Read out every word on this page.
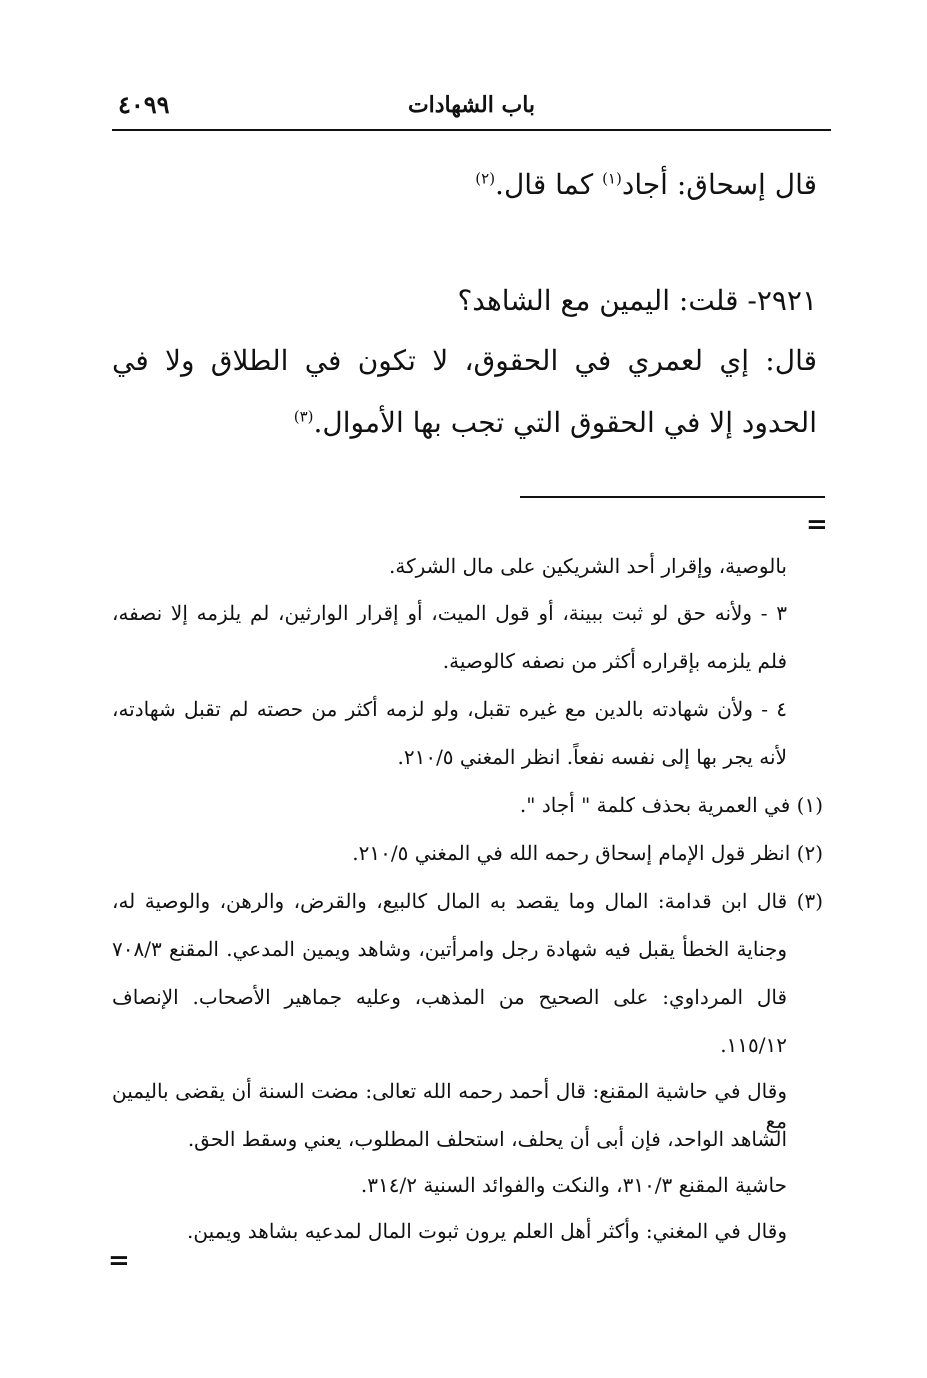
باب الشهادات
٤٠٩٩
قال إسحاق: أجاد$^{(١)}$ كما قال.$^{(٢)}$
٢٩٢١- قلت: اليمين مع الشاهد؟
قال: إي لعمري في الحقوق، لا تكون في الطلاق ولا في
الحدود إلا في الحقوق التي تجب بها الأموال.$^{(٣)}$
=
بالوصية، وإقرار أحد الشريكين على مال الشركة.
٣ - ولأنه حق لو ثبت ببينة، أو قول الميت، أو إقرار الوارثين، لم يلزمه إلا نصفه،
فلم يلزمه بإقراره أكثر من نصفه كالوصية.
٤ - ولأن شهادته بالدين مع غيره تقبل، ولو لزمه أكثر من حصته لم تقبل شهادته،
لأنه يجر بها إلى نفسه نفعاً. انظر المغني ٢١٠/٥.
(١) في العمرية بحذف كلمة " أجاد ".
(٢) انظر قول الإمام إسحاق رحمه الله في المغني ٢١٠/٥.
(٣) قال ابن قدامة: المال وما يقصد به المال كالبيع، والقرض، والرهن، والوصية له،
وجناية الخطأ يقبل فيه شهادة رجل وامرأتين، وشاهد ويمين المدعي. المقنع ٧٠٨/٣
قال المرداوي: على الصحيح من المذهب، وعليه جماهير الأصحاب. الإنصاف
١١٥/١٢.
وقال في حاشية المقنع: قال أحمد رحمه الله تعالى: مضت السنة أن يقضى باليمين مع
الشاهد الواحد، فإن أبى أن يحلف، استحلف المطلوب، يعني وسقط الحق.
حاشية المقنع ٣١٠/٣، والنكت والفوائد السنية ٣١٤/٢.
وقال في المغني: وأكثر أهل العلم يرون ثبوت المال لمدعيه بشاهد ويمين.
=
